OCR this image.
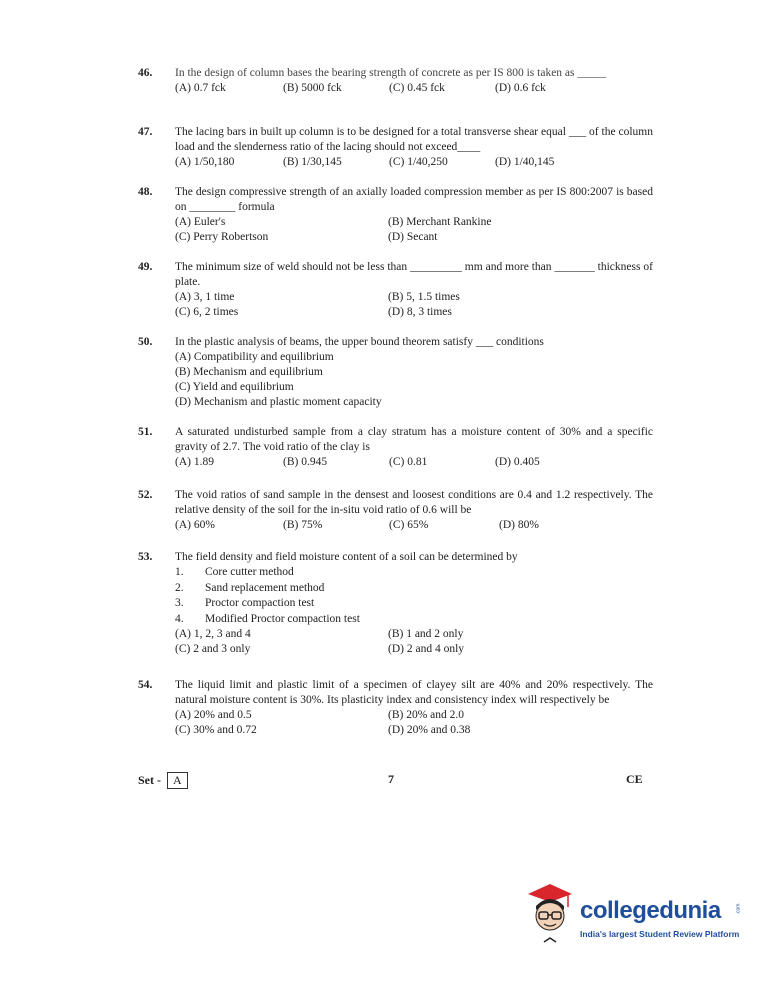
46.	In the design of column bases the bearing strength of concrete as per IS 800 is taken as _____
(A) 0.7 fck	(B) 5000 fck	(C) 0.45 fck	(D) 0.6 fck
47.	The lacing bars in built up column is to be designed for a total transverse shear equal ___ of the column load and the slenderness ratio of the lacing should not exceed____
(A) 1/50,180	(B) 1/30,145	(C) 1/40,250	(D) 1/40,145
48.	The design compressive strength of an axially loaded compression member as per IS 800:2007 is based on ________ formula
(A) Euler's	(B) Merchant Rankine
(C) Perry Robertson	(D) Secant
49.	The minimum size of weld should not be less than _________ mm and more than _______ thickness of plate.
(A) 3, 1 time	(B) 5, 1.5 times
(C) 6, 2 times	(D) 8, 3 times
50.	In the plastic analysis of beams, the upper bound theorem satisfy ___ conditions
(A) Compatibility and equilibrium
(B) Mechanism and equilibrium
(C) Yield and equilibrium
(D) Mechanism and plastic moment capacity
51.	A saturated undisturbed sample from a clay stratum has a moisture content of 30% and a specific gravity of 2.7. The void ratio of the clay is
(A) 1.89	(B) 0.945	(C) 0.81	(D) 0.405
52.	The void ratios of sand sample in the densest and loosest conditions are 0.4 and 1.2 respectively. The relative density of the soil for the in-situ void ratio of 0.6 will be
(A) 60%	(B) 75%	(C) 65%	(D) 80%
53.	The field density and field moisture content of a soil can be determined by
1. Core cutter method
2. Sand replacement method
3. Proctor compaction test
4. Modified Proctor compaction test
(A) 1, 2, 3 and 4	(B) 1 and 2 only
(C) 2 and 3 only	(D) 2 and 4 only
54.	The liquid limit and plastic limit of a specimen of clayey silt are 40% and 20% respectively. The natural moisture content is 30%. Its plasticity index and consistency index will respectively be
(A) 20% and 0.5	(B) 20% and 2.0
(C) 30% and 0.72	(D) 20% and 0.38
Set - A	7	CE
collegedunia	.com
India's largest Student Review Platform
